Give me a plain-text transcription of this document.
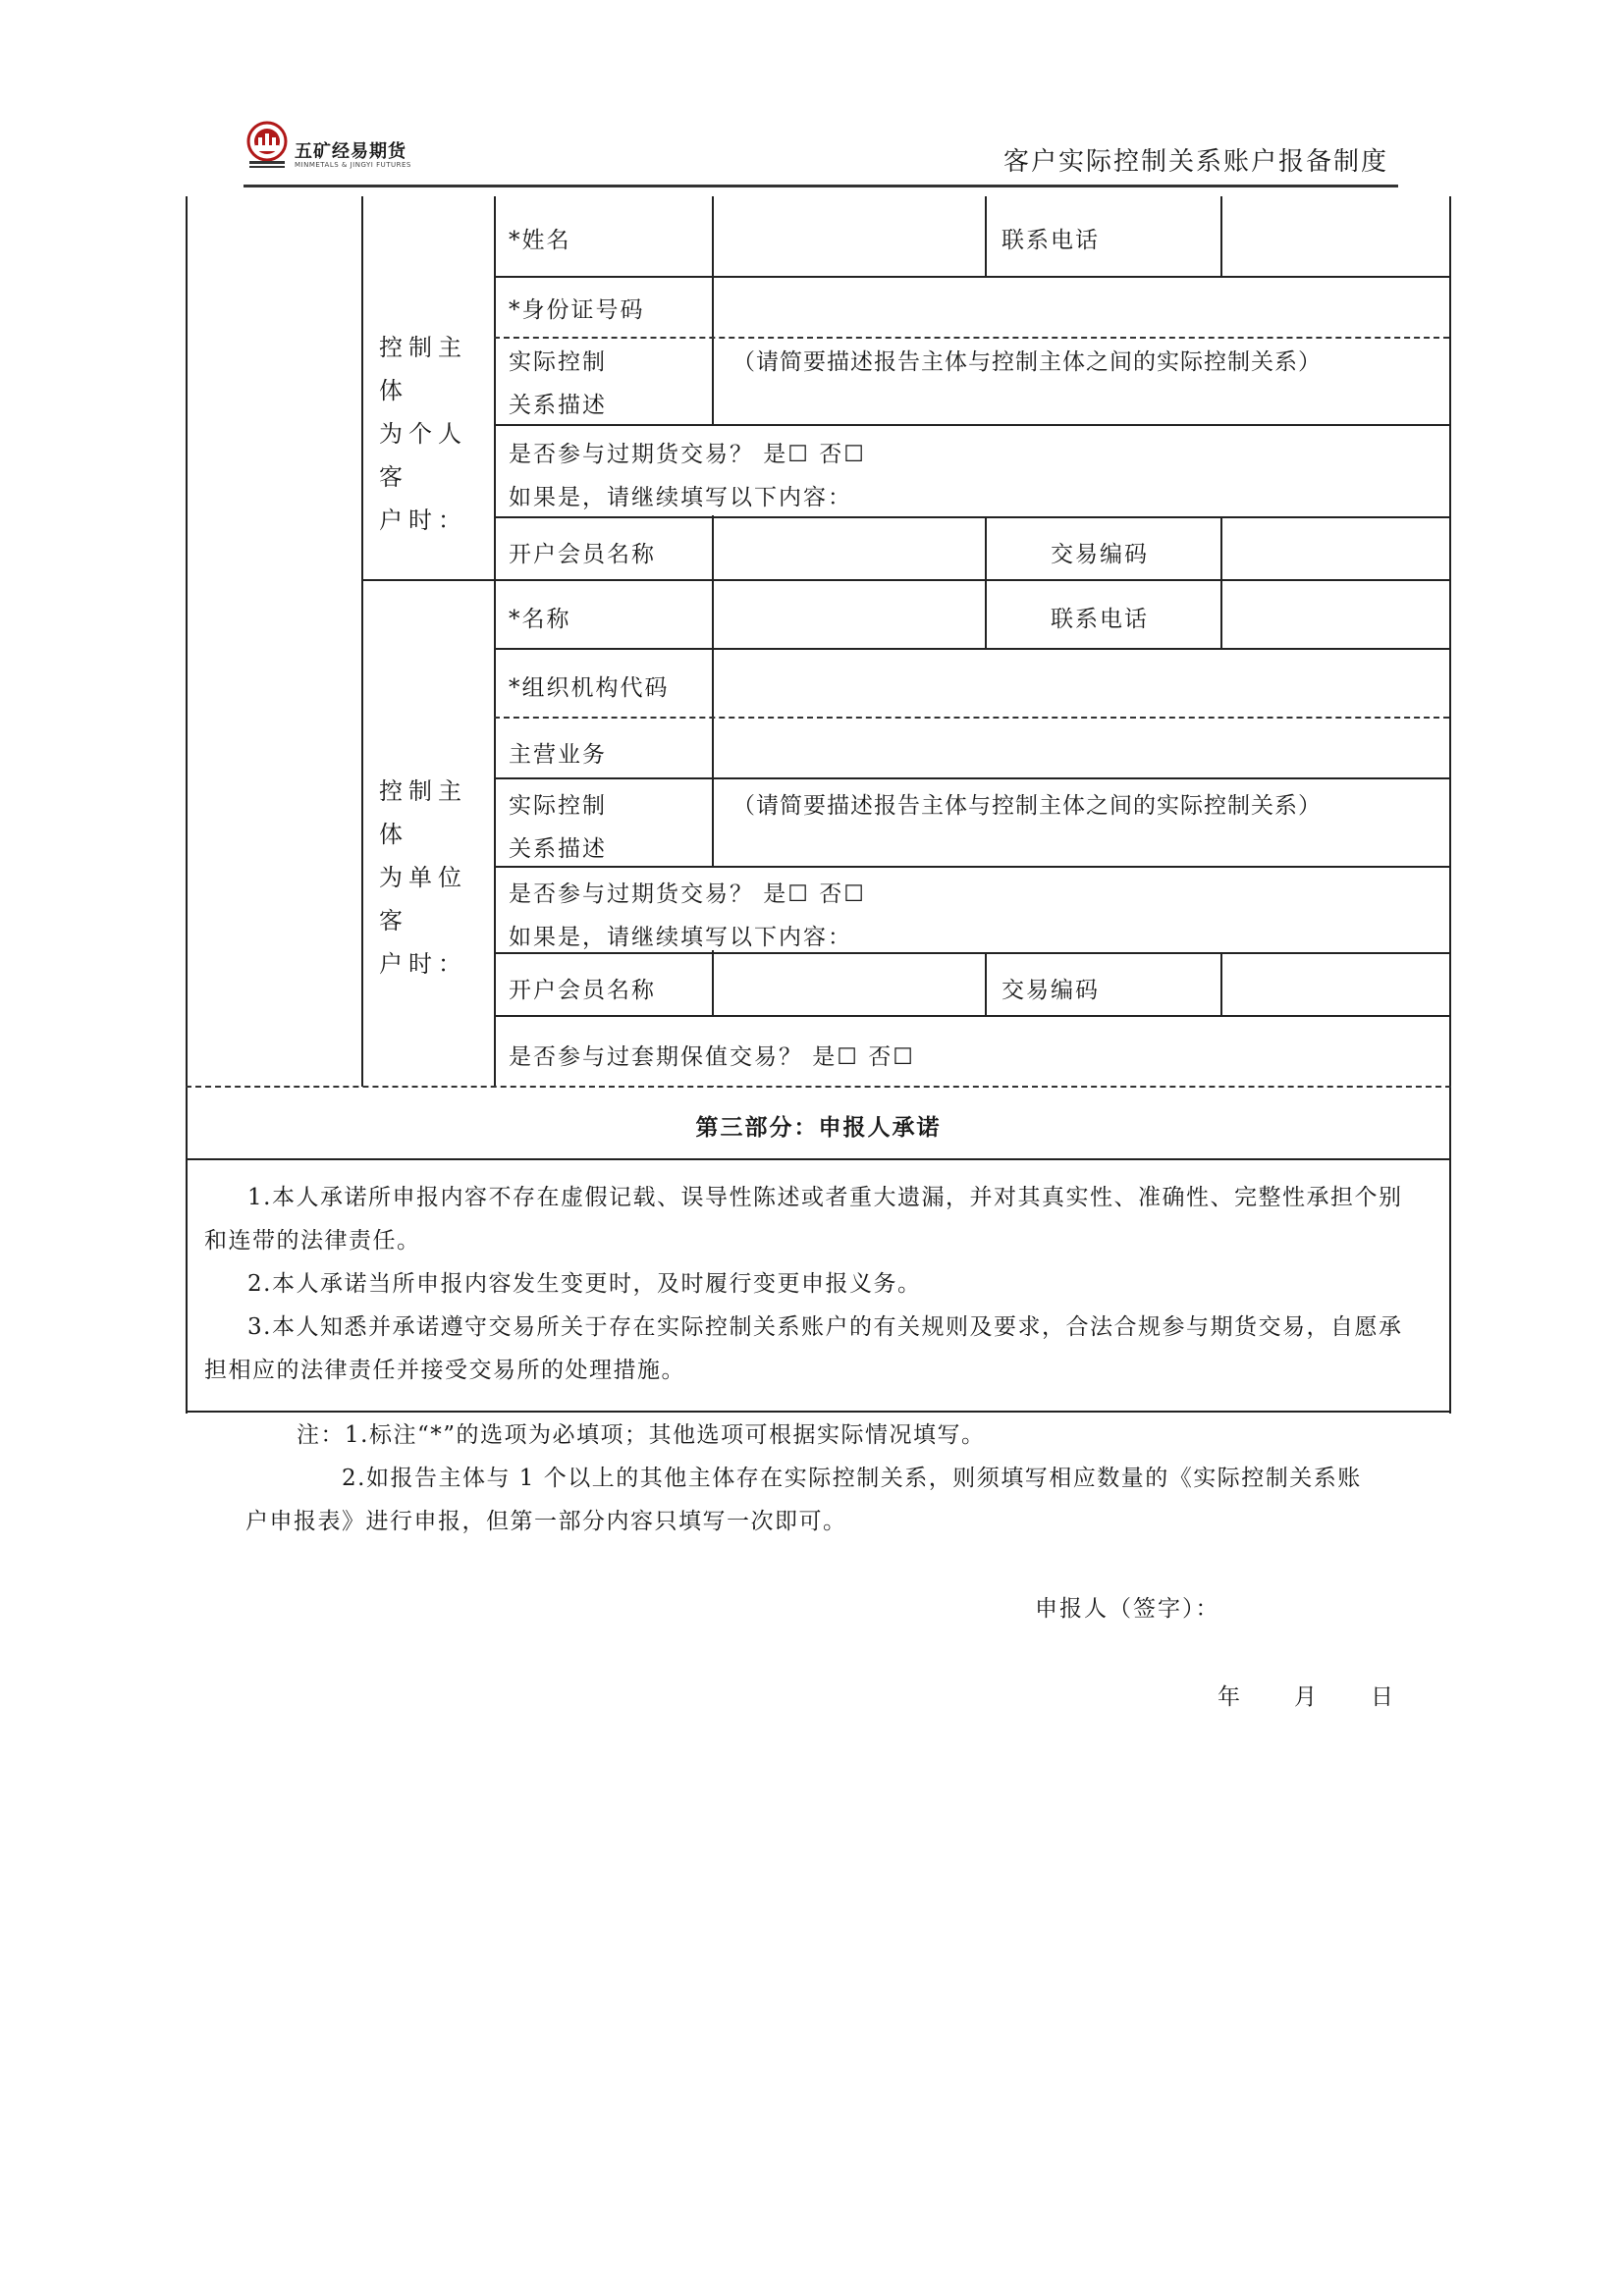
五矿经易期货
MINMETALS & JINGYI FUTURES	客户实际控制关系账户报备制度
控制主体
为个人客
户时：
*姓名	联系电话
*身份证号码
实际控制
关系描述
（请简要描述报告主体与控制主体之间的实际控制关系）
是否参与过期货交易？ 是☐ 否☐
如果是，请继续填写以下内容：
开户会员名称	交易编码
控制主体
为单位客
户时：
*名称	联系电话
*组织机构代码
主营业务
实际控制
关系描述
（请简要描述报告主体与控制主体之间的实际控制关系）
是否参与过期货交易？ 是☐ 否☐
如果是，请继续填写以下内容：
开户会员名称	交易编码
是否参与过套期保值交易？ 是☐ 否☐
第三部分：申报人承诺
1.本人承诺所申报内容不存在虚假记载、误导性陈述或者重大遗漏，并对其真实性、准确性、完整性承担个别
和连带的法律责任。
2.本人承诺当所申报内容发生变更时，及时履行变更申报义务。
3.本人知悉并承诺遵守交易所关于存在实际控制关系账户的有关规则及要求，合法合规参与期货交易，自愿承
担相应的法律责任并接受交易所的处理措施。
注：1.标注“*”的选项为必填项；其他选项可根据实际情况填写。
2.如报告主体与 1 个以上的其他主体存在实际控制关系，则须填写相应数量的《实际控制关系账
户申报表》进行申报，但第一部分内容只填写一次即可。
申报人（签字）：
年 月 日
